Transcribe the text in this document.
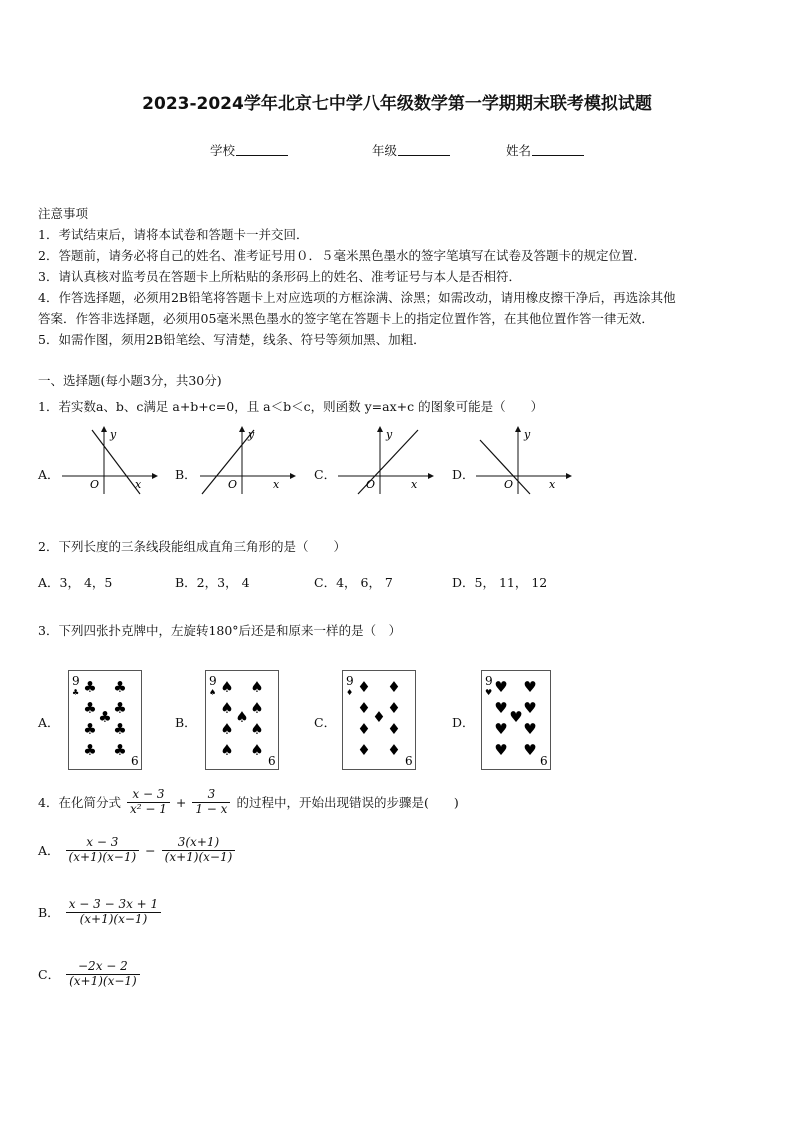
2023-2024学年北京七中学八年级数学第一学期期末联考模拟试题
学校	年级	姓名
注意事项
1．考试结束后，请将本试卷和答题卡一并交回．
2．答题前，请务必将自己的姓名、准考证号用０．５毫米黑色墨水的签字笔填写在试卷及答题卡的规定位置．
3．请认真核对监考员在答题卡上所粘贴的条形码上的姓名、准考证号与本人是否相符．
4．作答选择题，必须用2B铅笔将答题卡上对应选项的方框涂满、涂黑；如需改动，请用橡皮擦干净后，再选涂其他
答案．作答非选择题，必须用05毫米黑色墨水的签字笔在答题卡上的指定位置作答，在其他位置作答一律无效．
5．如需作图，须用2B铅笔绘、写清楚，线条、符号等须加黑、加粗．
一、选择题(每小题3分，共30分)
1．若实数a、b、c满足 a+b+c=0，且 a＜b＜c，则函数 y=ax+c 的图象可能是（　　）
A．	B．	C．	D．
y
O	x
y
O	x
y
O	x
y
O	x
2．下列长度的三条线段能组成直角三角形的是（　　）
A．3， 4，5	B．2，3， 4	C．4， 6， 7	D．5， 11， 12
3．下列四张扑克牌中，左旋转180°后还是和原来一样的是（　）
A．	B．	C．	D．
9
♣
6
♣ ♣
♣ ♣
♣
♣ ♣
♣ ♣
9
♠
6
♠ ♠
♠ ♠
♠
♠ ♠
♠ ♠
9
♦
6
♦ ♦
♦ ♦
♦
♦ ♦
♦ ♦
9
♥
6
♥ ♥
♥ ♥
♥
♥ ♥
♥ ♥
4．在化简分式 $\frac{x - 3}{\text{x² − 1}} + \frac{3}{1 - x}$ 的过程中，开始出现错误的步骤是(　　)
A． $\frac{x - 3}{(x+1)(x-1)} - \frac{3(x+1)}{(x+1)(x-1)}$
B． $\frac{x - 3 - 3x + 1}{(x+1)(x-1)}$
C． $\frac{-2x - 2}{(x+1)(x-1)}$
